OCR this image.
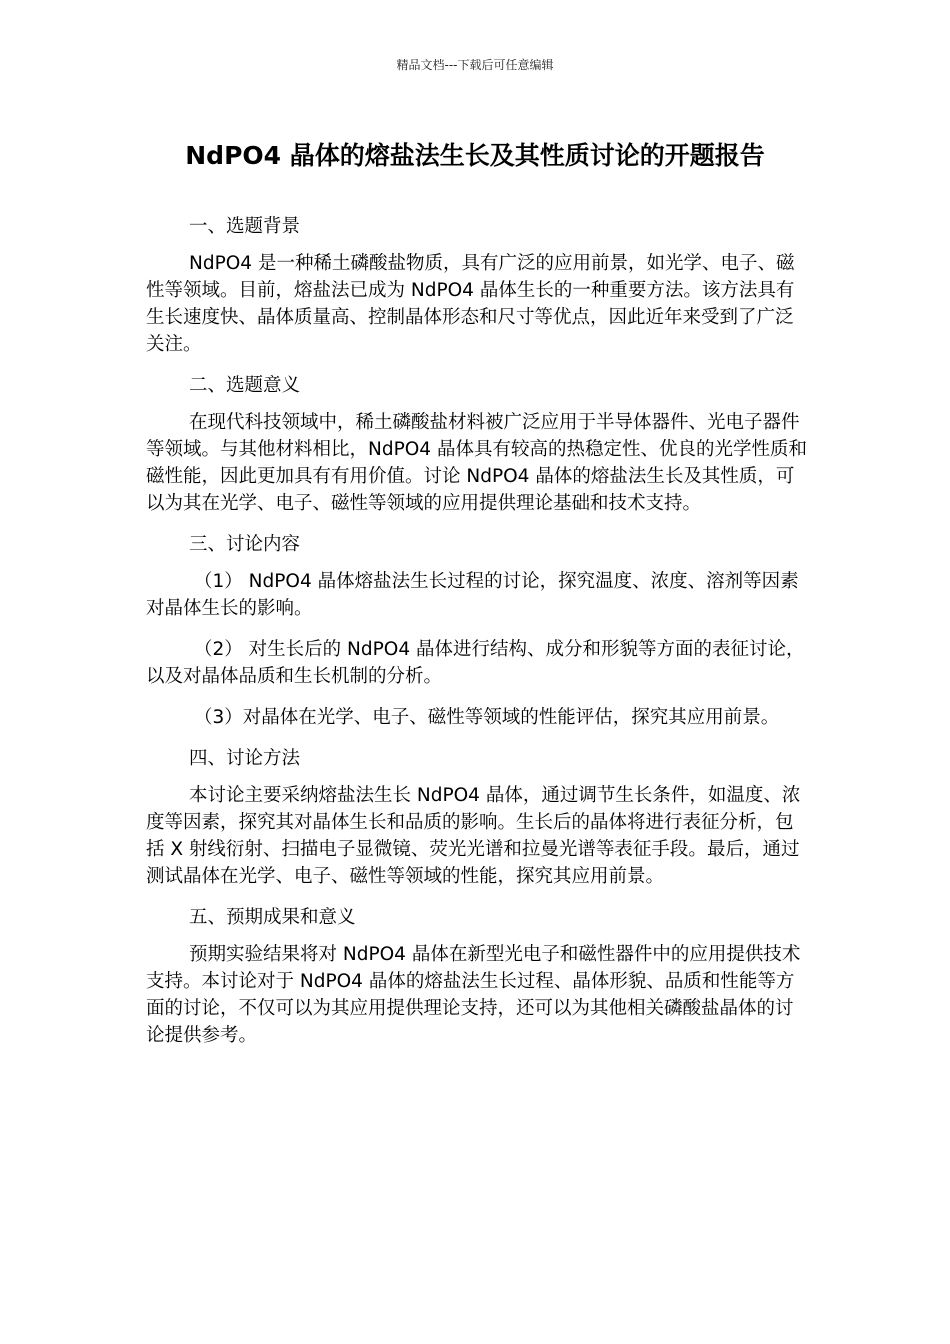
精品文档---下载后可任意编辑
NdPO4 晶体的熔盐法生长及其性质讨论的开题报告

一、选题背景

NdPO4 是一种稀土磷酸盐物质，具有广泛的应用前景，如光学、电子、磁性等领域。目前，熔盐法已成为 NdPO4 晶体生长的一种重要方法。该方法具有生长速度快、晶体质量高、控制晶体形态和尺寸等优点，因此近年来受到了广泛关注。

二、选题意义

在现代科技领域中，稀土磷酸盐材料被广泛应用于半导体器件、光电子器件等领域。与其他材料相比，NdPO4 晶体具有较高的热稳定性、优良的光学性质和磁性能，因此更加具有有用价值。讨论 NdPO4 晶体的熔盐法生长及其性质，可以为其在光学、电子、磁性等领域的应用提供理论基础和技术支持。

三、讨论内容

（1） NdPO4 晶体熔盐法生长过程的讨论，探究温度、浓度、溶剂等因素对晶体生长的影响。

（2） 对生长后的 NdPO4 晶体进行结构、成分和形貌等方面的表征讨论，以及对晶体品质和生长机制的分析。

（3）对晶体在光学、电子、磁性等领域的性能评估，探究其应用前景。

四、讨论方法

本讨论主要采纳熔盐法生长 NdPO4 晶体，通过调节生长条件，如温度、浓度等因素，探究其对晶体生长和品质的影响。生长后的晶体将进行表征分析，包括 X 射线衍射、扫描电子显微镜、荧光光谱和拉曼光谱等表征手段。最后，通过测试晶体在光学、电子、磁性等领域的性能，探究其应用前景。

五、预期成果和意义

预期实验结果将对 NdPO4 晶体在新型光电子和磁性器件中的应用提供技术支持。本讨论对于 NdPO4 晶体的熔盐法生长过程、晶体形貌、品质和性能等方面的讨论，不仅可以为其应用提供理论支持，还可以为其他相关磷酸盐晶体的讨论提供参考。
